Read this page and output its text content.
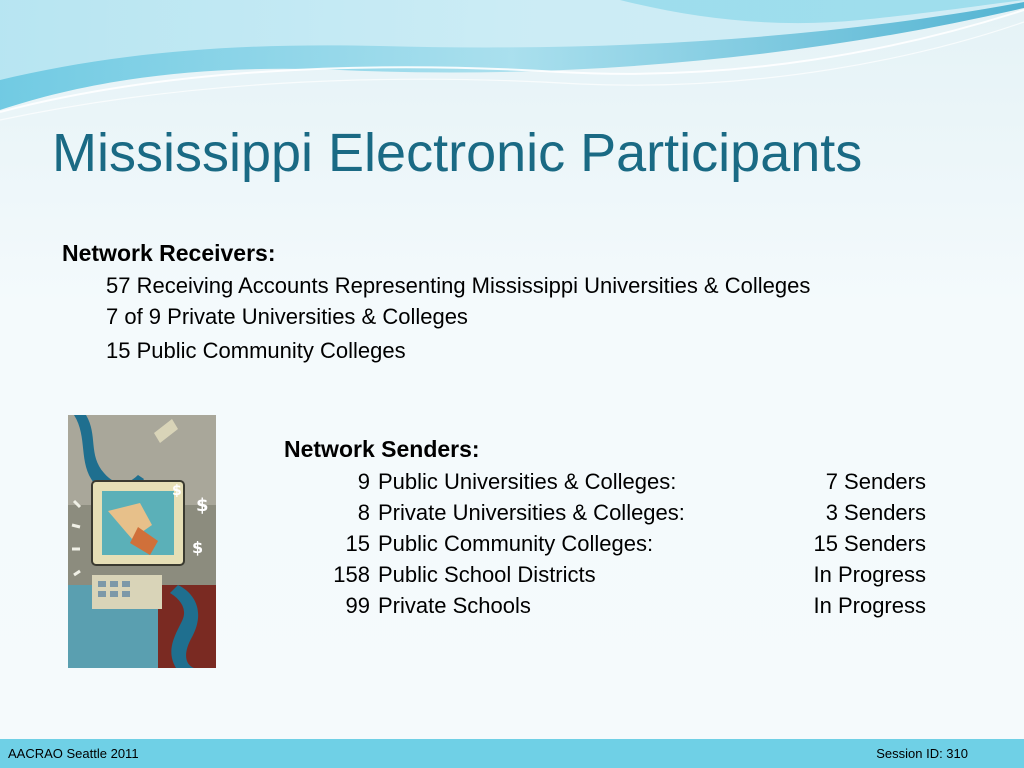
Mississippi Electronic Participants
Network Receivers:
57 Receiving Accounts Representing Mississippi Universities & Colleges
7 of 9 Private Universities & Colleges
15 Public Community Colleges
$
$
$
Network Senders:
9 Public Universities & Colleges:	7 Senders
8 Private Universities & Colleges:	3 Senders
15 Public Community Colleges:	15 Senders
158 Public School Districts	In Progress
99 Private Schools	In Progress
AACRAO Seattle 2011	Session ID: 310
